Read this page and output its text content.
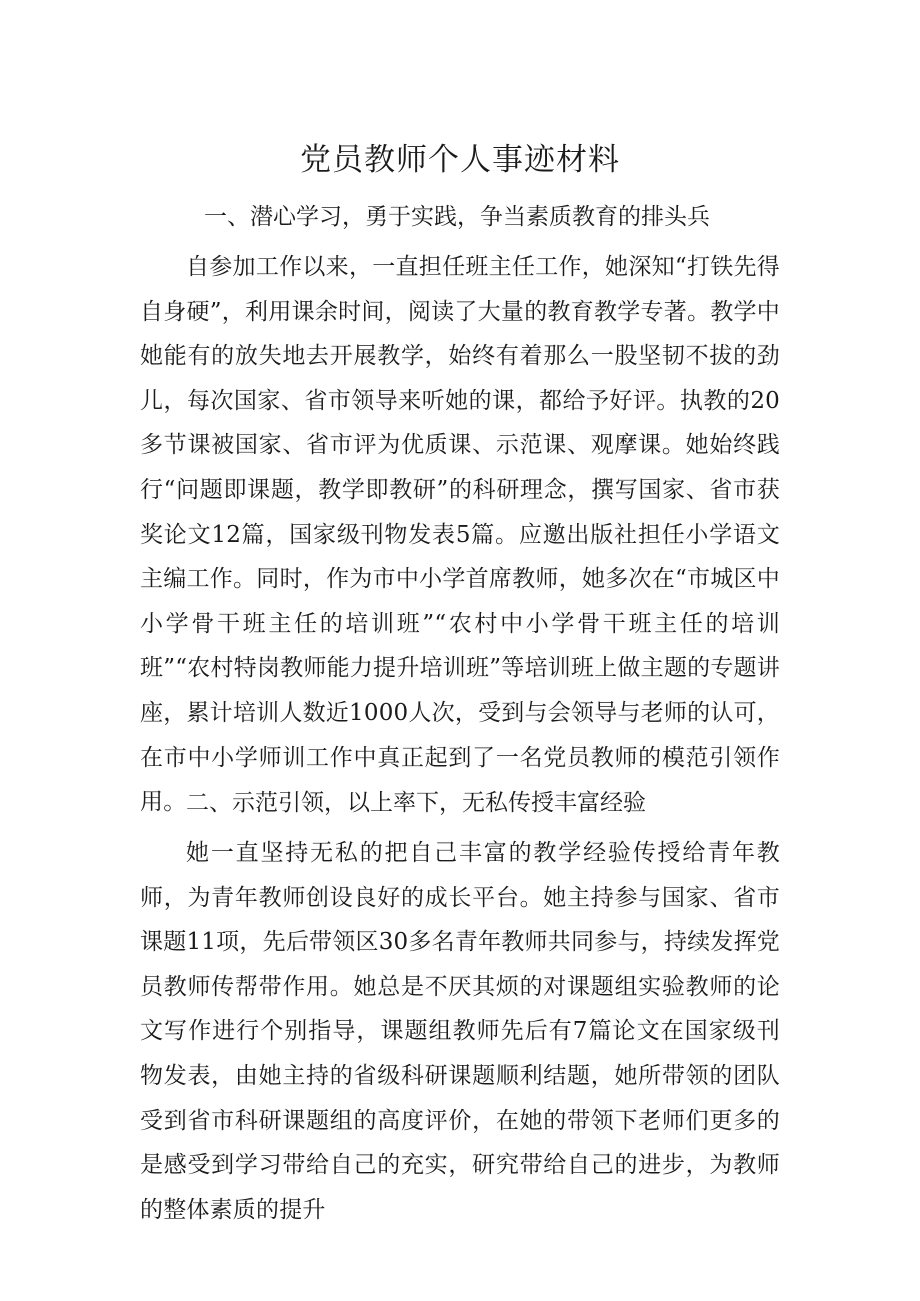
党员教师个人事迹材料
一、潜心学习，勇于实践，争当素质教育的排头兵

自参加工作以来，一直担任班主任工作，她深知“打铁先得自身硬”，利用课余时间，阅读了大量的教育教学专著。教学中她能有的放失地去开展教学，始终有着那么一股坚韧不拔的劲儿，每次国家、省市领导来听她的课，都给予好评。执教的20多节课被国家、省市评为优质课、示范课、观摩课。她始终践行“问题即课题，教学即教研”的科研理念，撰写国家、省市获奖论文12篇，国家级刊物发表5篇。应邀出版社担任小学语文主编工作。同时，作为市中小学首席教师，她多次在“市城区中小学骨干班主任的培训班”“农村中小学骨干班主任的培训班”“农村特岗教师能力提升培训班”等培训班上做主题的专题讲座，累计培训人数近1000人次，受到与会领导与老师的认可，在市中小学师训工作中真正起到了一名党员教师的模范引领作用。 二、示范引领，以上率下，无私传授丰富经验

她一直坚持无私的把自己丰富的教学经验传授给青年教师，为青年教师创设良好的成长平台。她主持参与国家、省市课题11项，先后带领区30多名青年教师共同参与，持续发挥党员教师传帮带作用。她总是不厌其烦的对课题组实验教师的论文写作进行个别指导，课题组教师先后有7篇论文在国家级刊物发表，由她主持的省级科研课题顺利结题，她所带领的团队受到省市科研课题组的高度评价，在她的带领下老师们更多的是感受到学习带给自己的充实，研究带给自己的进步，为教师的整体素质的提升
